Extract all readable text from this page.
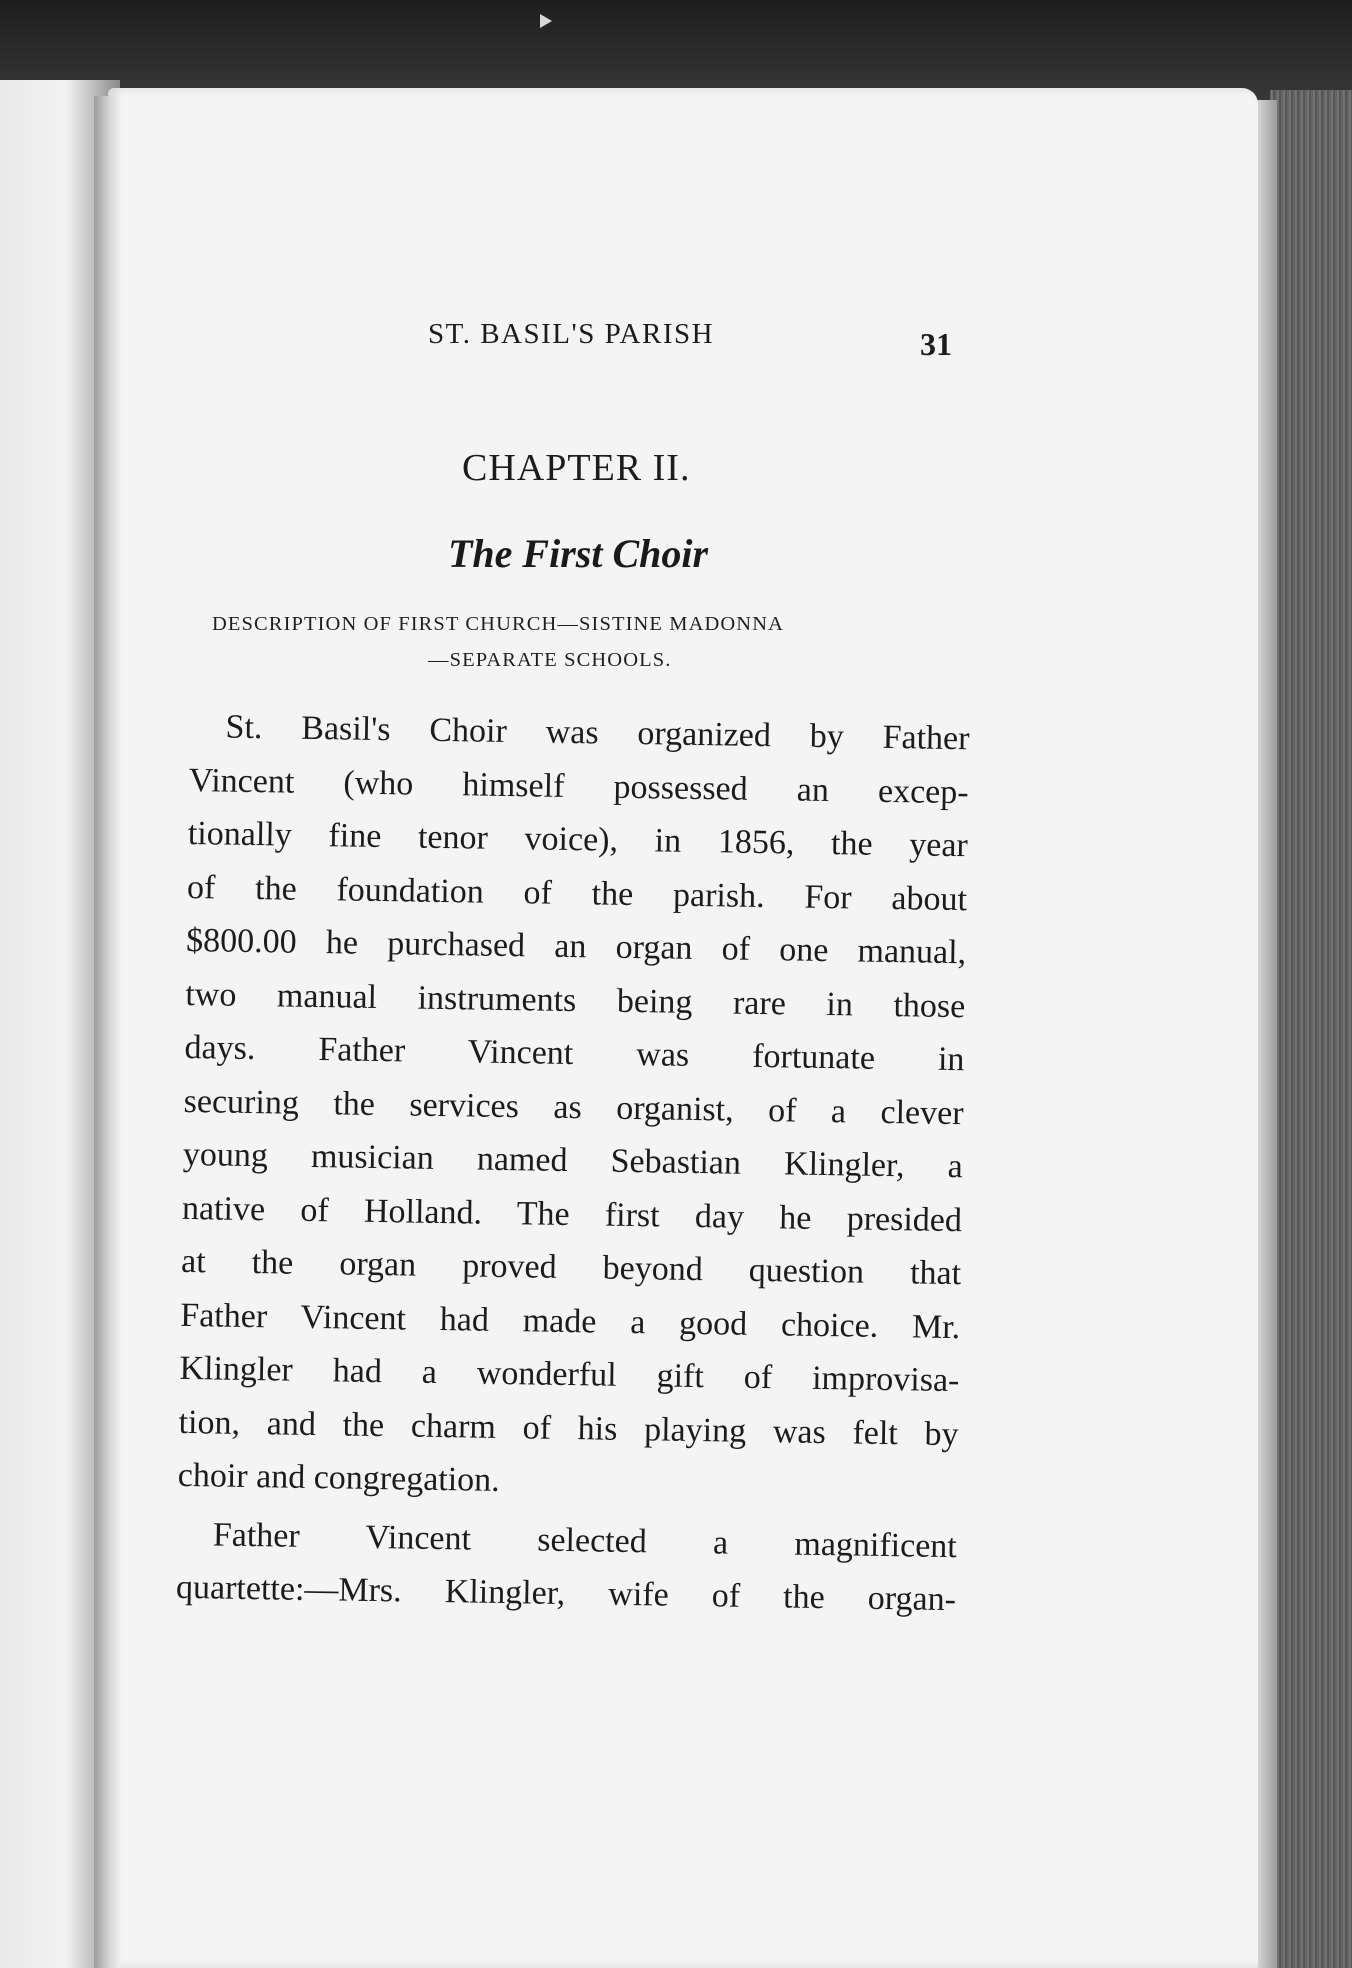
ST. BASIL'S PARISH	31
CHAPTER II.
The First Choir
DESCRIPTION OF FIRST CHURCH—SISTINE MADONNA
—SEPARATE SCHOOLS.
St. Basil's Choir was organized by Father
Vincent (who himself possessed an excep-
tionally fine tenor voice), in 1856, the year
of the foundation of the parish. For about
$800.00 he purchased an organ of one manual,
two manual instruments being rare in those
days. Father Vincent was fortunate in
securing the services as organist, of a clever
young musician named Sebastian Klingler, a
native of Holland. The first day he presided
at the organ proved beyond question that
Father Vincent had made a good choice. Mr.
Klingler had a wonderful gift of improvisa-
tion, and the charm of his playing was felt by
choir and congregation.
Father Vincent selected a magnificent
quartette:—Mrs. Klingler, wife of the organ-
